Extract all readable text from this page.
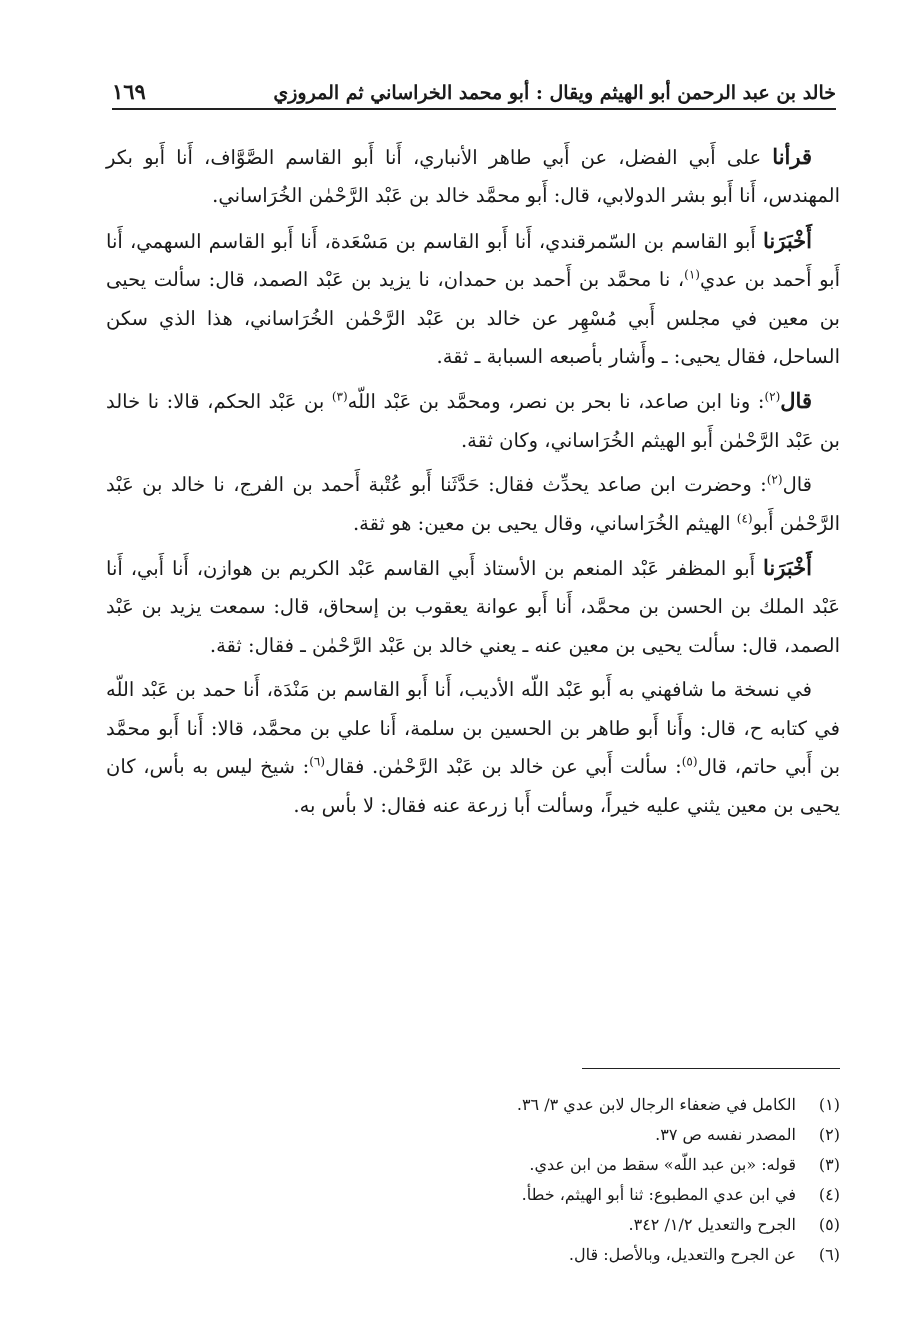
١٦٩	خالد بن عبد الرحمن أبو الهيثم ويقال : أبو محمد الخراساني ثم المروزي

قرأنا على أَبي الفضل، عن أَبي طاهر الأنباري، أَنا أَبو القاسم الصَّوَّاف، أَنا أَبو بكر المهندس، أَنا أَبو بشر الدولابي، قال: أَبو محمَّد خالد بن عَبْد الرَّحْمٰن الخُرَاساني.

أَخْبَرَنا أَبو القاسم بن السّمرقندي، أَنا أَبو القاسم بن مَسْعَدة، أَنا أَبو القاسم السهمي، أَنا أَبو أَحمد بن عدي$^{(١)}$، نا محمَّد بن أَحمد بن حمدان، نا يزيد بن عَبْد الصمد، قال: سألت يحيى بن معين في مجلس أَبي مُسْهِر عن خالد بن عَبْد الرَّحْمٰن الخُرَاساني، هذا الذي سكن الساحل، فقال يحيى: ـ وأَشار بأصبعه السبابة ـ ثقة.

قال$^{(٢)}$: ونا ابن صاعد، نا بحر بن نصر، ومحمَّد بن عَبْد اللّه$^{(٣)}$ بن عَبْد الحكم، قالا: نا خالد بن عَبْد الرَّحْمٰن أَبو الهيثم الخُرَاساني، وكان ثقة.

قال$^{(٢)}$: وحضرت ابن صاعد يحدِّث فقال: حَدَّثَنا أَبو عُتْبة أَحمد بن الفرج، نا خالد بن عَبْد الرَّحْمٰن أَبو$^{(٤)}$ الهيثم الخُرَاساني، وقال يحيى بن معين: هو ثقة.

أَخْبَرَنا أَبو المظفر عَبْد المنعم بن الأستاذ أَبي القاسم عَبْد الكريم بن هوازن، أَنا أَبي، أَنا عَبْد الملك بن الحسن بن محمَّد، أَنا أَبو عوانة يعقوب بن إسحاق، قال: سمعت يزيد بن عَبْد الصمد، قال: سألت يحيى بن معين عنه ـ يعني خالد بن عَبْد الرَّحْمٰن ـ فقال: ثقة.

في نسخة ما شافهني به أَبو عَبْد اللّه الأديب، أَنا أَبو القاسم بن مَنْدَة، أَنا حمد بن عَبْد اللّه في كتابه ح، قال: وأَنا أَبو طاهر بن الحسين بن سلمة، أَنا علي بن محمَّد، قالا: أَنا أَبو محمَّد بن أَبي حاتم، قال$^{(٥)}$: سألت أَبي عن خالد بن عَبْد الرَّحْمٰن. فقال$^{(٦)}$: شيخ ليس به بأس، كان يحيى بن معين يثني عليه خيراً، وسألت أَبا زرعة عنه فقال: لا بأس به.

(١)
الكامل في ضعفاء الرجال لابن عدي ٣/ ٣٦.
(٢)
المصدر نفسه ص ٣٧.
(٣)
قوله: «بن عبد اللّه» سقط من ابن عدي.
(٤)
في ابن عدي المطبوع: ثنا أبو الهيثم، خطأ.
(٥)
الجرح والتعديل ١/٢/ ٣٤٢.
(٦)
عن الجرح والتعديل، وبالأصل: قال.
